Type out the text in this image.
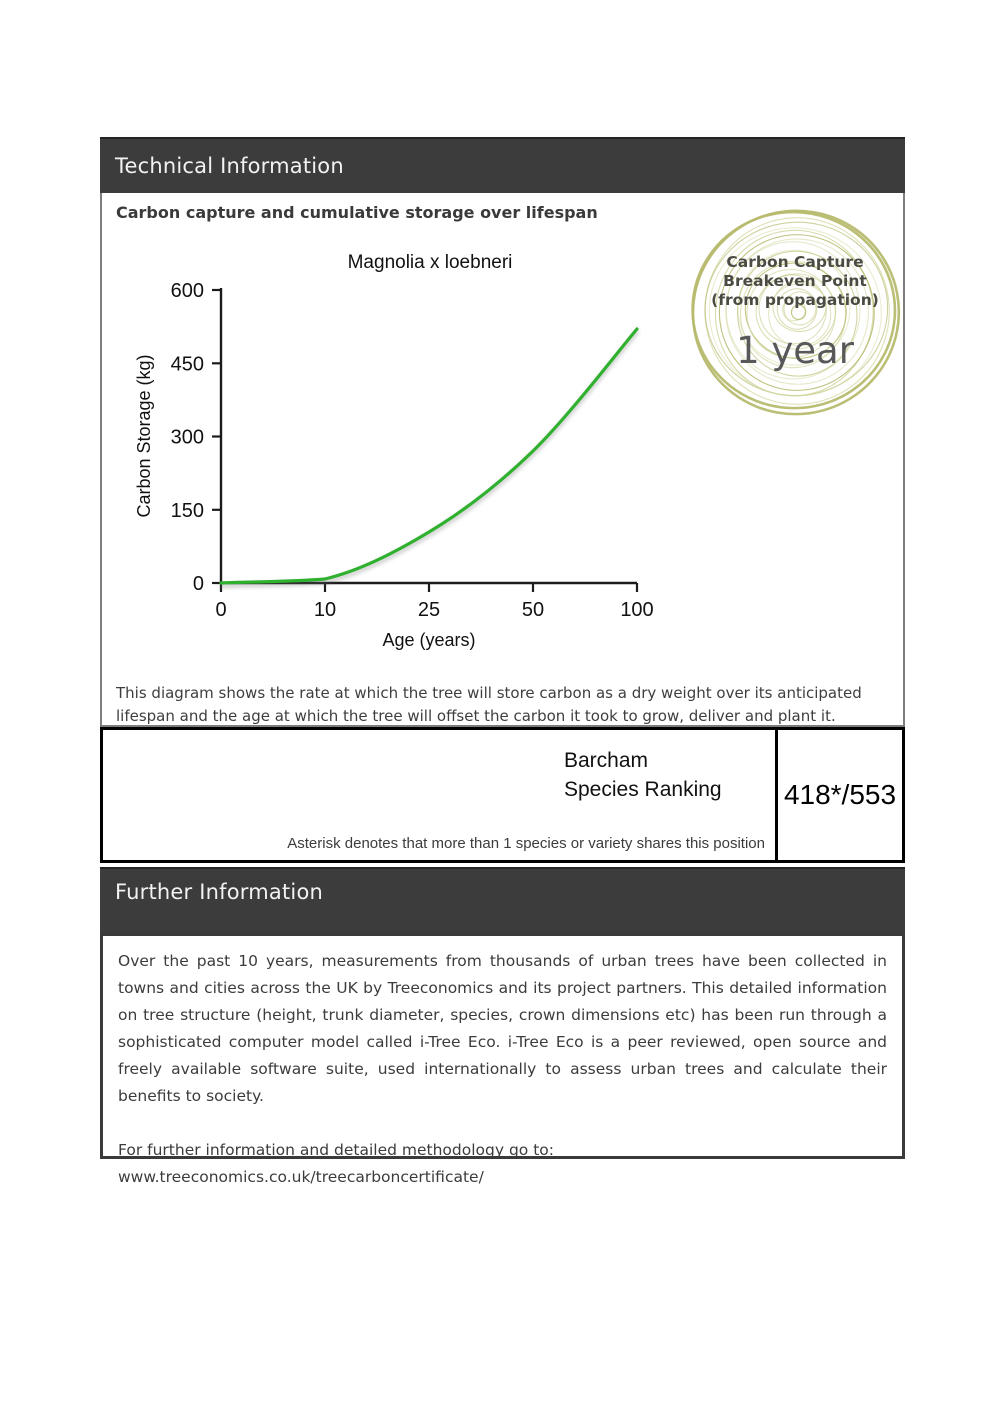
Technical Information
Carbon capture and cumulative storage over lifespan
Magnolia x loebneri
600
450
300
150
0
0	10	25	50	100
Age (years)
Carbon Storage (kg)
Carbon Capture
Breakeven Point
(from propagation)
1 year

This diagram shows the rate at which the tree will store carbon as a dry weight over its anticipated lifespan and the age at which the tree will offset the carbon it took to grow, deliver and plant it.

Barcham
Species Ranking
Asterisk denotes that more than 1 species or variety shares this position
418*/553
Further Information

Over the past 10 years, measurements from thousands of urban trees have been collected in towns and cities across the UK by Treeconomics and its project partners. This detailed information on tree structure (height, trunk diameter, species, crown dimensions etc) has been run through a sophisticated computer model called i-Tree Eco. i-Tree Eco is a peer reviewed, open source and freely available software suite, used internationally to assess urban trees and calculate their benefits to society.

For further information and detailed methodology go to: www.treeconomics.co.uk/treecarboncertificate/
